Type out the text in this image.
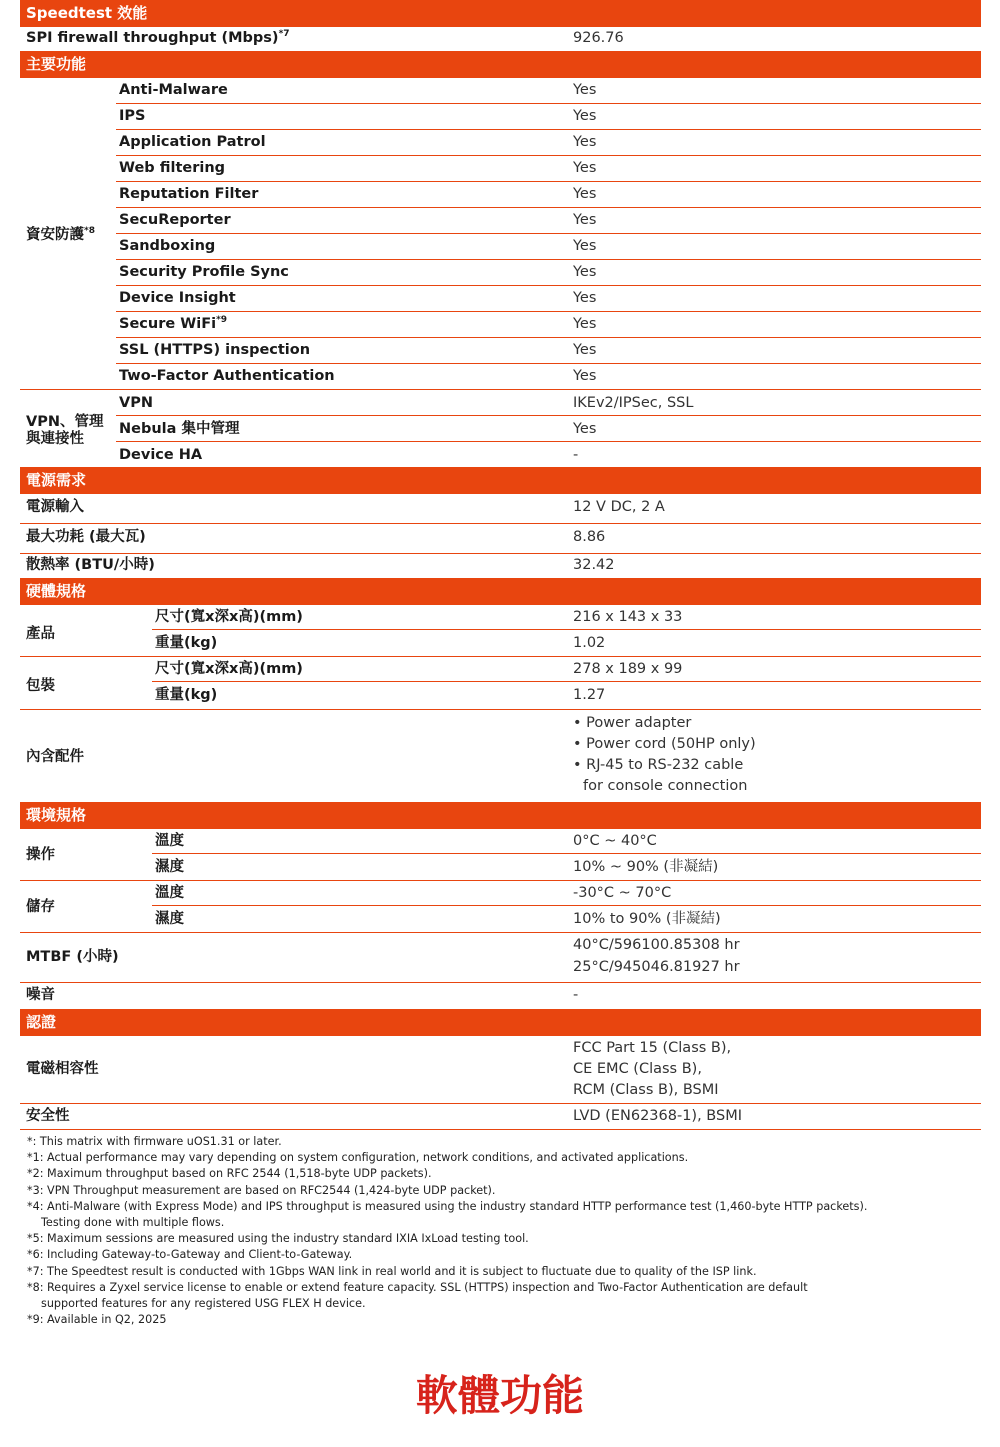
Speedtest 效能
SPI firewall throughput (Mbps)$^{*7}$	926.76
主要功能
資安防護$^{*8}$
Anti-Malware	Yes
IPS	Yes
Application Patrol	Yes
Web filtering	Yes
Reputation Filter	Yes
SecuReporter	Yes
Sandboxing	Yes
Security Profile Sync	Yes
Device Insight	Yes
Secure WiFi$^{*9}$	Yes
SSL (HTTPS) inspection	Yes
Two-Factor Authentication	Yes
VPN、管理
與連接性
VPN	IKEv2/IPSec, SSL
Nebula 集中管理	Yes
Device HA	-
電源需求
電源輸入	12 V DC, 2 A
最大功耗 (最大瓦)	8.86
散熱率 (BTU/小時)	32.42
硬體規格
產品
尺寸(寬x深x高)(mm)	216 x 143 x 33
重量(kg)	1.02
包裝
尺寸(寬x深x高)(mm)	278 x 189 x 99
重量(kg)	1.27
內含配件
• Power adapter
• Power cord (50HP only)
• RJ-45 to RS-232 cable
for console connection
環境規格
操作
溫度	0°C ~ 40°C
濕度	10% ~ 90% (非凝結)
儲存
溫度	-30°C ~ 70°C
濕度	10% to 90% (非凝結)
MTBF (小時)
40°C/596100.85308 hr
25°C/945046.81927 hr
噪音	-
認證
電磁相容性
FCC Part 15 (Class B),
CE EMC (Class B),
RCM (Class B), BSMI
安全性	LVD (EN62368-1), BSMI
*: This matrix with firmware uOS1.31 or later.
*1: Actual performance may vary depending on system configuration, network conditions, and activated applications.
*2: Maximum throughput based on RFC 2544 (1,518-byte UDP packets).
*3: VPN Throughput measurement are based on RFC2544 (1,424-byte UDP packet).
*4: Anti-Malware (with Express Mode) and IPS throughput is measured using the industry standard HTTP performance test (1,460-byte HTTP packets).
Testing done with multiple flows.
*5: Maximum sessions are measured using the industry standard IXIA IxLoad testing tool.
*6: Including Gateway-to-Gateway and Client-to-Gateway.
*7: The Speedtest result is conducted with 1Gbps WAN link in real world and it is subject to fluctuate due to quality of the ISP link.
*8: Requires a Zyxel service license to enable or extend feature capacity. SSL (HTTPS) inspection and Two-Factor Authentication are default
supported features for any registered USG FLEX H device.
*9: Available in Q2, 2025
軟體功能
